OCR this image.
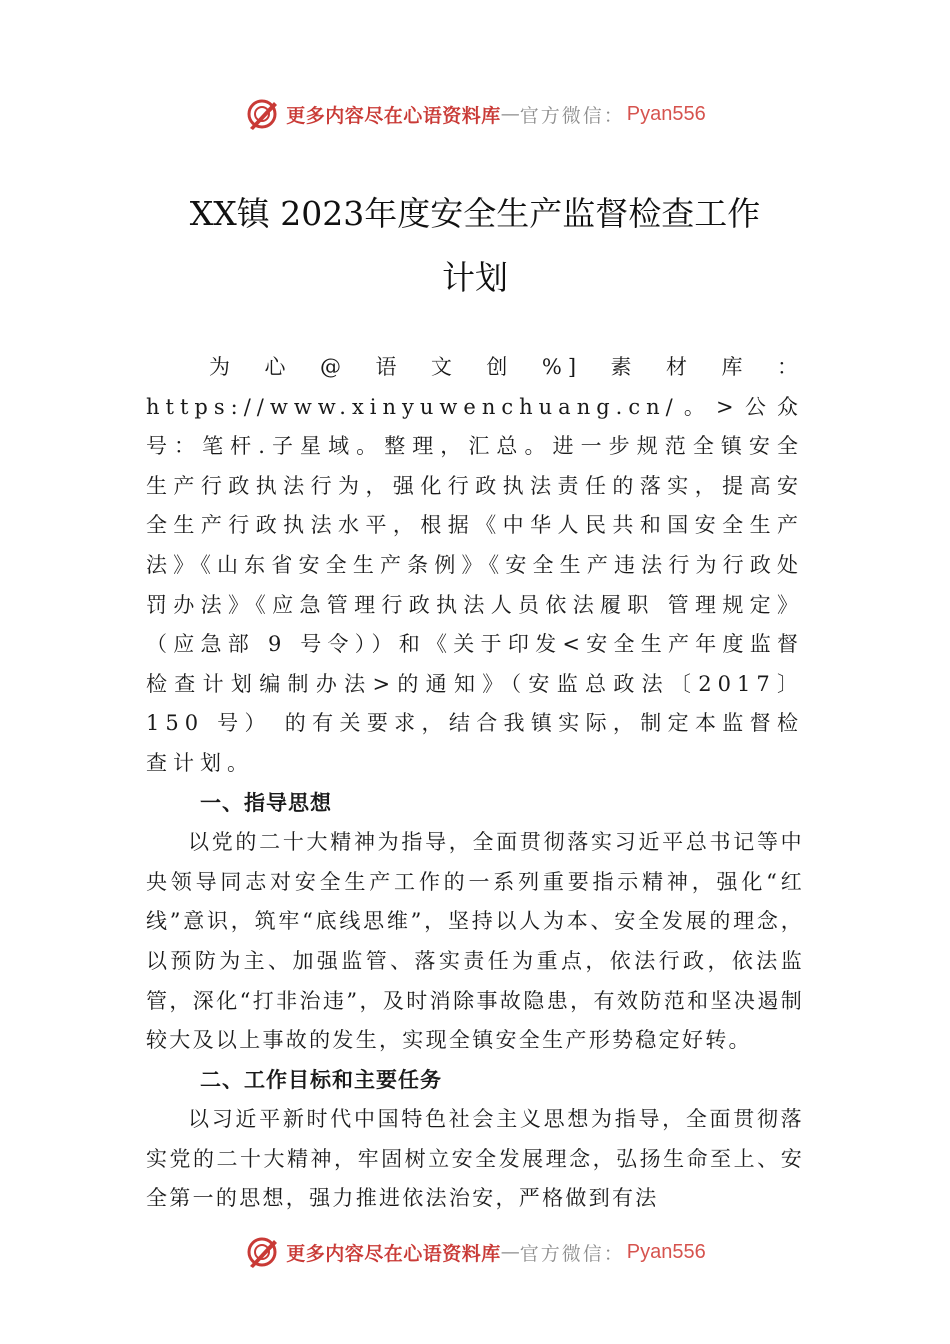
更多内容尽在心语资料库 — 官方微信： Pyan556
XX镇 2023年度安全生产监督检查工作
计划

为心@语文创%]素材库：https://www.xinyuwenchuang.cn/。>公众号：笔杆.子星域。整理，汇总。进一步规范全镇安全生产行政执法行为，强化行政执法责任的落实，提高安全生产行政执法水平，根据《中华人民共和国安全生产法》《山东省安全生产条例》《安全生产违法行为行政处罚办法》《应急管理行政执法人员依法履职 管理规定》（应急部 9 号令））和《关于印发<安全生产年度监督检查计划编制办法>的通知》（安监总政法〔2017〕150 号） 的有关要求，结合我镇实际，制定本监督检查计划。

一、指导思想

以党的二十大精神为指导，全面贯彻落实习近平总书记等中央领导同志对安全生产工作的一系列重要指示精神，强化“红线”意识，筑牢“底线思维”，坚持以人为本、安全发展的理念，以预防为主、加强监管、落实责任为重点，依法行政，依法监管，深化“打非治违”，及时消除事故隐患，有效防范和坚决遏制较大及以上事故的发生，实现全镇安全生产形势稳定好转。

二、工作目标和主要任务

以习近平新时代中国特色社会主义思想为指导，全面贯彻落实党的二十大精神，牢固树立安全发展理念，弘扬生命至上、安全第一的思想，强力推进依法治安，严格做到有法

更多内容尽在心语资料库 — 官方微信： Pyan556
